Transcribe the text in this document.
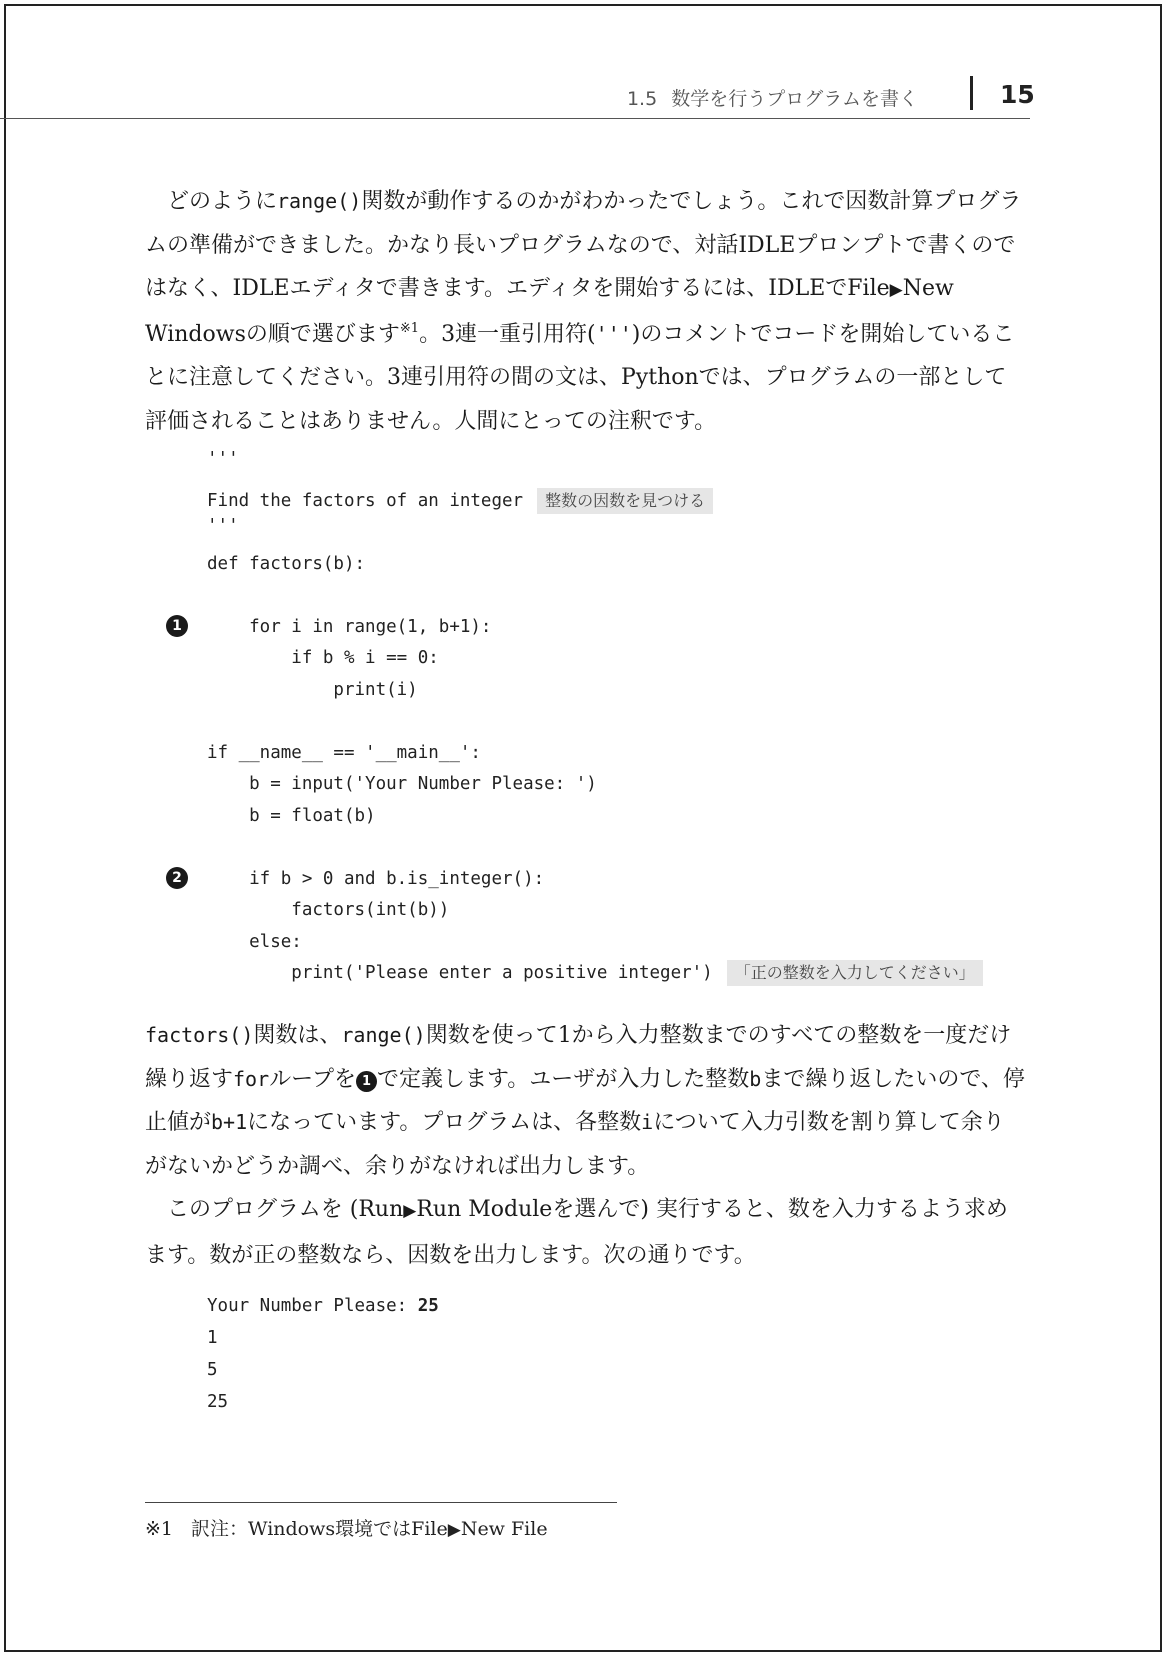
1.5 数学を行うプログラムを書く	15

どのようにrange()関数が動作するのかがわかったでしょう。これで因数計算プログラムの準備ができました。かなり長いプログラムなので、対話IDLEプロンプトで書くのではなく、IDLEエディタで書きます。エディタを開始するには、IDLEでFile▶New Windowsの順で選びます$^{※1}$。3連一重引用符(''')のコメントでコードを開始していることに注意してください。3連引用符の間の文は、Pythonでは、プログラムの一部として評価されることはありません。人間にとっての注釈です。

'''
Find the factors of an integer 整数の因数を見つける
'''
def factors(b):
for i in range(1, b+1):
if b % i == 0:
print(i)
if __name__ == '__main__':
b = input('Your Number Please: ')
b = float(b)
if b > 0 and b.is_integer():
factors(int(b))
else:
print('Please enter a positive integer') 「正の整数を入力してください」
1
2

factors()関数は、range()関数を使って1から入力整数までのすべての整数を一度だけ繰り返すforループを 1 で定義します。ユーザが入力した整数bまで繰り返したいので、停止値がb+1になっています。プログラムは、各整数iについて入力引数を割り算して余りがないかどうか調べ、余りがなければ出力します。

このプログラムを (Run▶Run Moduleを選んで) 実行すると、数を入力するよう求めます。数が正の整数なら、因数を出力します。次の通りです。

Your Number Please: 25
1
5
25
※1 訳注：Windows環境ではFile▶New File
